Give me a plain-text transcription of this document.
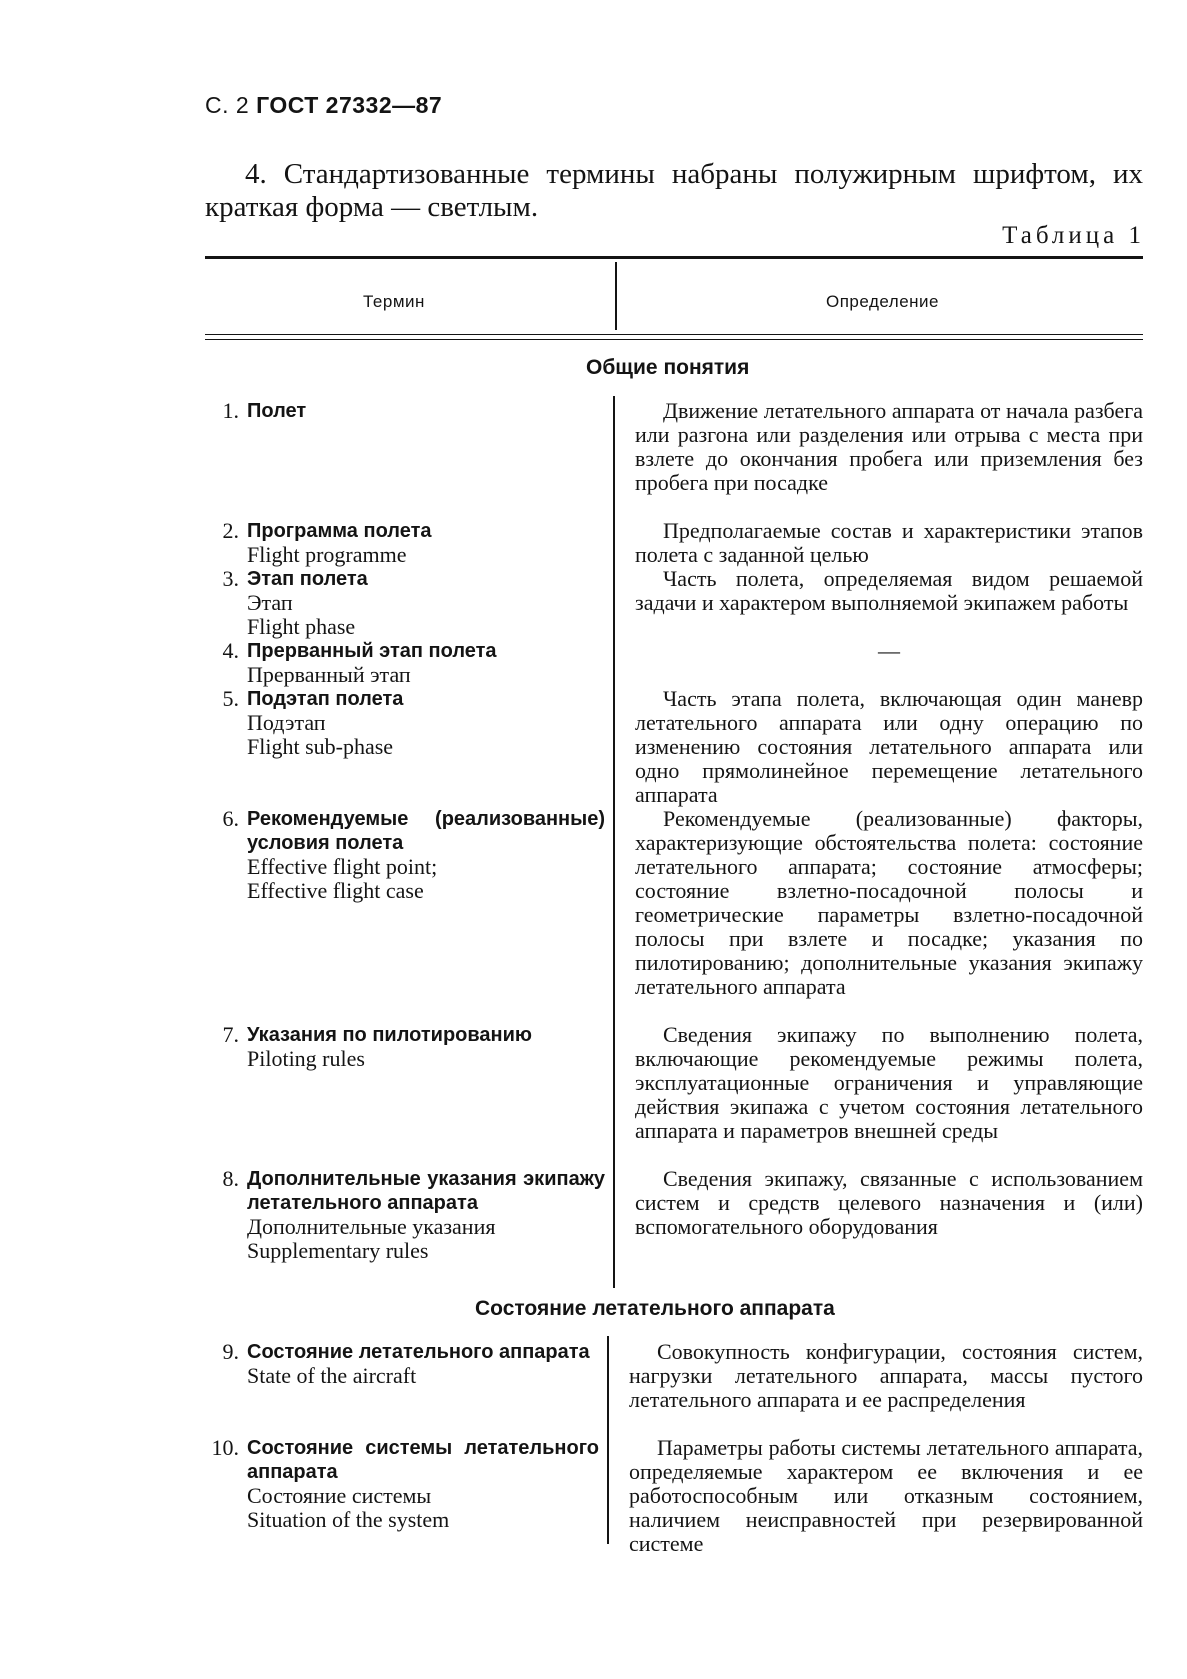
С. 2 ГОСТ 27332—87
4. Стандартизованные термины набраны полужирным шрифтом, их краткая форма — светлым.
Таблица 1
Термин	Определение
Общие понятия
1. Полет	Движение летательного аппарата от начала разбега или разгона или разделения или отрыва с места при взлете до окончания пробега или приземления без пробега при посадке
2. Программа полета
Flight programme
Предполагаемые состав и характеристики этапов полета с заданной целью
3. Этап полета
Этап
Flight phase
Часть полета, определяемая видом решаемой задачи и характером выполняемой экипажем работы
4. Прерванный этап полета
Прерванный этап
—
5. Подэтап полета
Подэтап
Flight sub-phase
Часть этапа полета, включающая один маневр летательного аппарата или одну операцию по изменению состояния летательного аппарата или одно прямолинейное перемещение летательного аппарата
6. Рекомендуемые (реализованные) условия полета
Effective flight point;
Effective flight case
Рекомендуемые (реализованные) факторы, характеризующие обстоятельства полета: состояние летательного аппарата; состояние атмосферы; состояние взлетно-посадочной полосы и геометрические параметры взлетно-посадочной полосы при взлете и посадке; указания по пилотированию; дополнительные указания экипажу летательного аппарата
7. Указания по пилотированию
Piloting rules
Сведения экипажу по выполнению полета, включающие рекомендуемые режимы полета, эксплуатационные ограничения и управляющие действия экипажа с учетом состояния летательного аппарата и параметров внешней среды
8. Дополнительные указания экипажу летательного аппарата
Дополнительные указания
Supplementary rules
Сведения экипажу, связанные с использованием систем и средств целевого назначения и (или) вспомогательного оборудования
Состояние летательного аппарата
9. Состояние летательного аппарата
State of the aircraft
Совокупность конфигурации, состояния систем, нагрузки летательного аппарата, массы пустого летательного аппарата и ее распределения
10. Состояние системы летательного аппарата
Состояние системы
Situation of the system
Параметры работы системы летательного аппарата, определяемые характером ее включения и ее работоспособным или отказным состоянием, наличием неисправностей при резервированной системе
